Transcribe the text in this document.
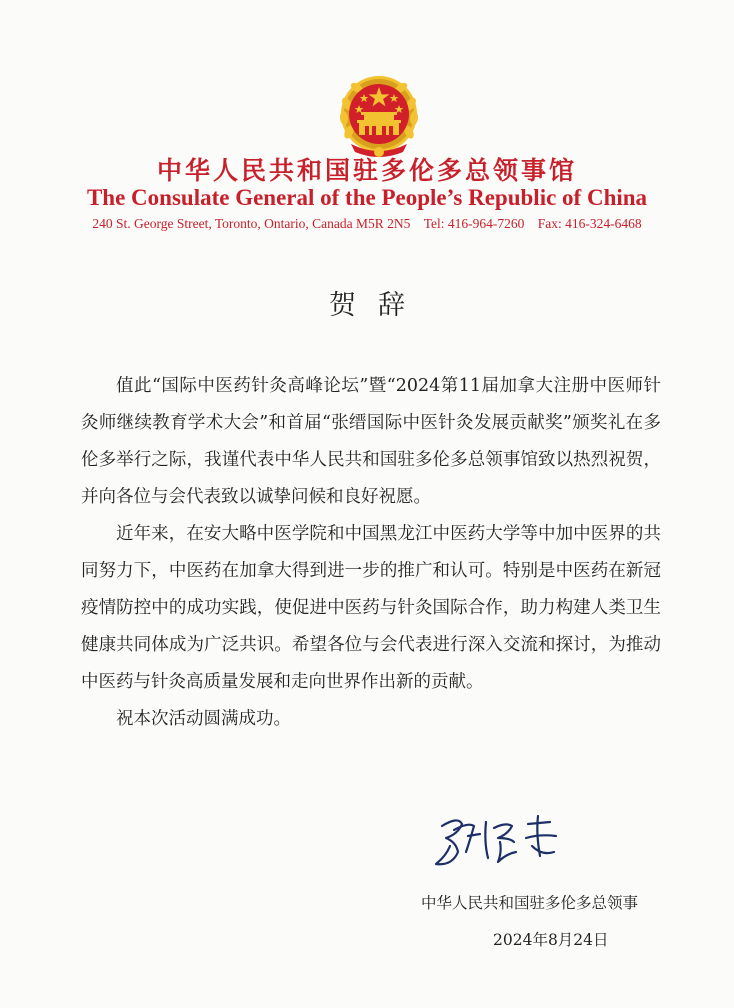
中华人民共和国驻多伦多总领事馆
The Consulate General of the People’s Republic of China
240 St. George Street, Toronto, Ontario, Canada M5R 2N5 Tel: 416-964-7260 Fax: 416-324-6468
贺辞

值此“国际中医药针灸高峰论坛”暨“2024第11届加拿大注册中医师针灸师继续教育学术大会”和首届“张缙国际中医针灸发展贡献奖”颁奖礼在多伦多举行之际，我谨代表中华人民共和国驻多伦多总领事馆致以热烈祝贺，并向各位与会代表致以诚挚问候和良好祝愿。

近年来，在安大略中医学院和中国黑龙江中医药大学等中加中医界的共同努力下，中医药在加拿大得到进一步的推广和认可。特别是中医药在新冠疫情防控中的成功实践，使促进中医药与针灸国际合作，助力构建人类卫生健康共同体成为广泛共识。希望各位与会代表进行深入交流和探讨，为推动中医药与针灸高质量发展和走向世界作出新的贡献。

祝本次活动圆满成功。

中华人民共和国驻多伦多总领事
2024年8月24日
